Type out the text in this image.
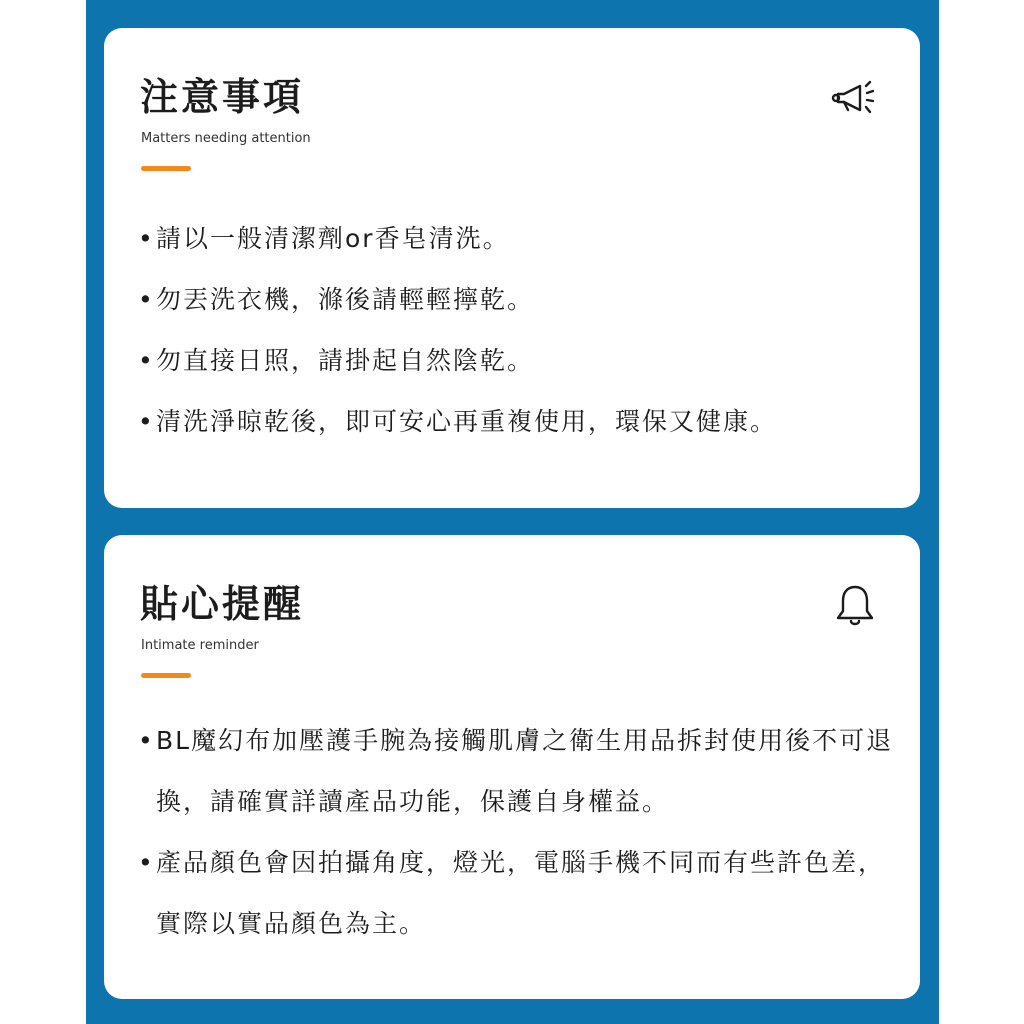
注意事項
Matters needing attention
• 請以一般清潔劑or香皂清洗。
• 勿丟洗衣機，滌後請輕輕擰乾。
• 勿直接日照，請掛起自然陰乾。
• 清洗淨晾乾後，即可安心再重複使用，環保又健康。
貼心提醒
Intimate reminder
• BL魔幻布加壓護手腕為接觸肌膚之衛生用品拆封使用後不可退換，請確實詳讀產品功能，保護自身權益。
• 產品顏色會因拍攝角度，燈光，電腦手機不同而有些許色差，實際以實品顏色為主。
